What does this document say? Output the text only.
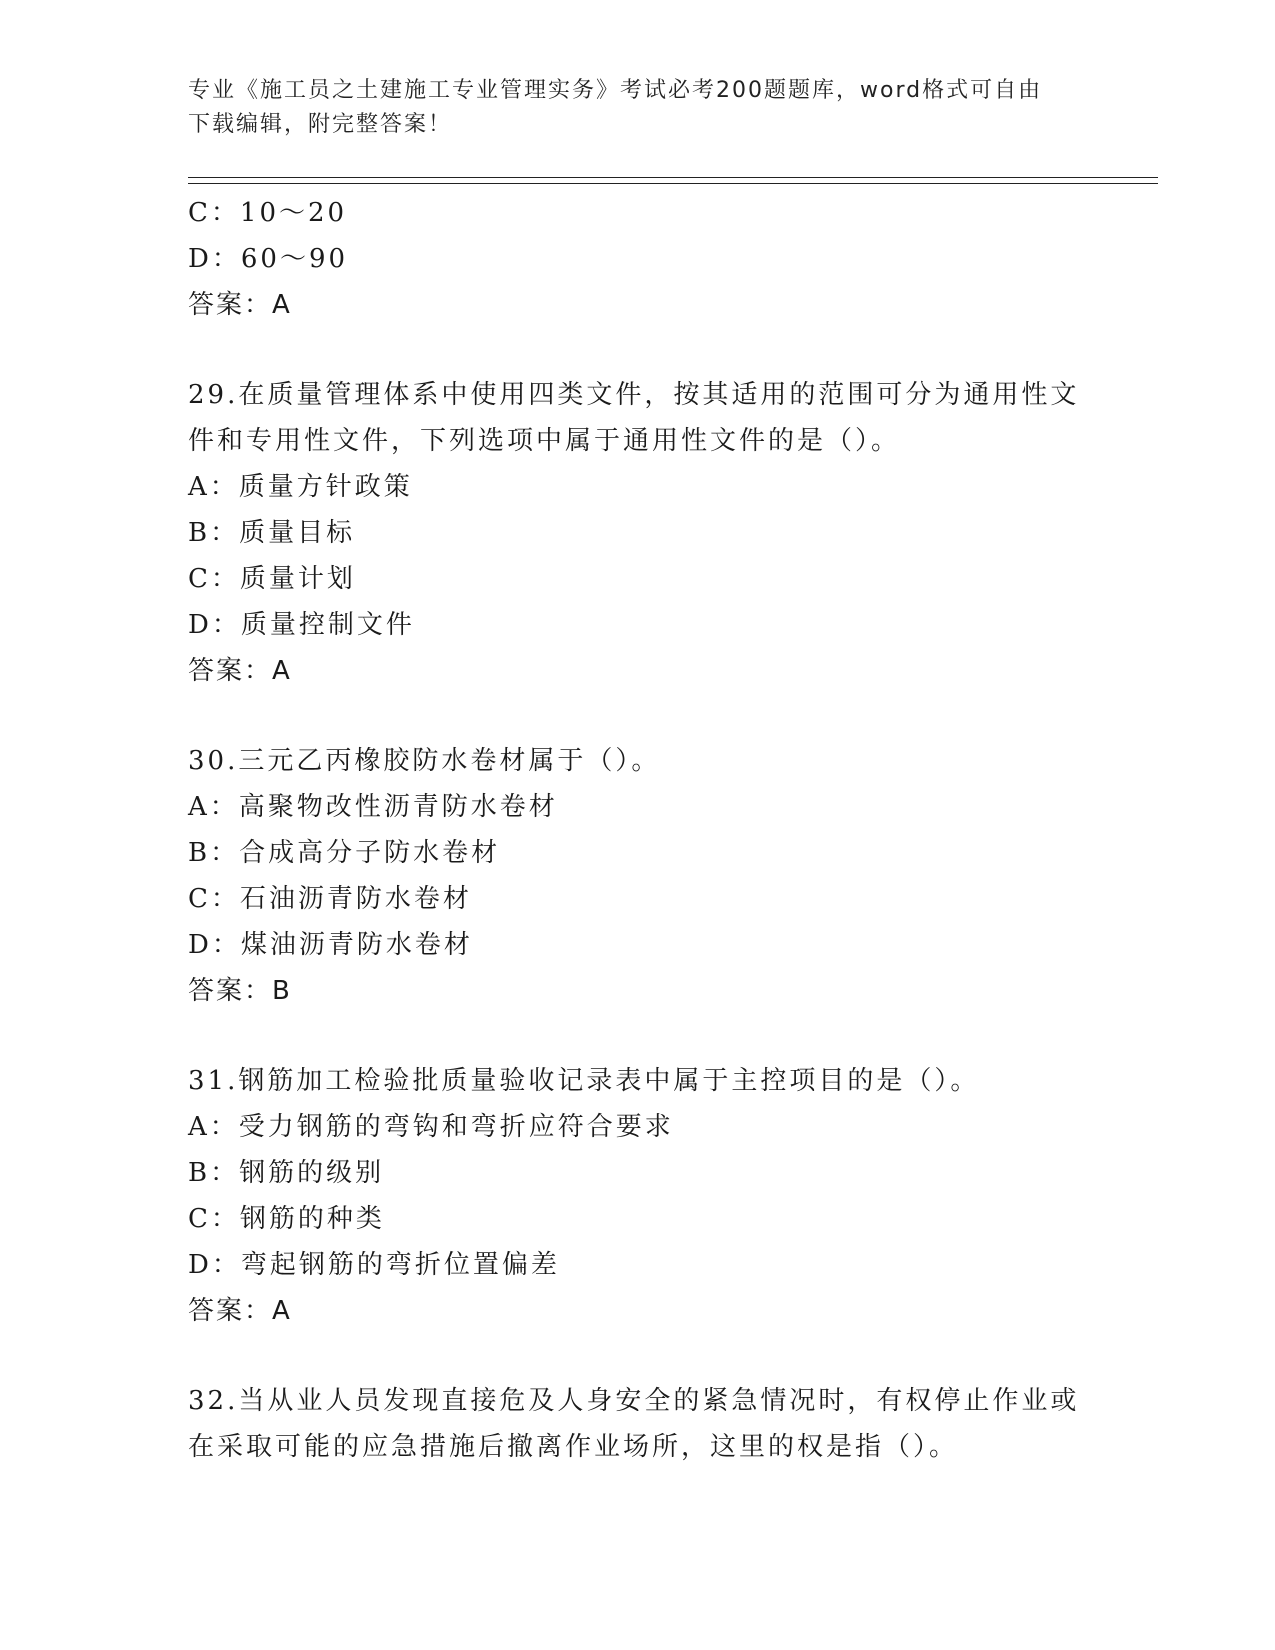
专业《施工员之土建施工专业管理实务》考试必考200题题库，word格式可自由
下载编辑，附完整答案！
C：10～20
D：60～90
答案：A
29.在质量管理体系中使用四类文件，按其适用的范围可分为通用性文
件和专用性文件，下列选项中属于通用性文件的是（）。
A：质量方针政策
B：质量目标
C：质量计划
D：质量控制文件
答案：A
30.三元乙丙橡胶防水卷材属于（）。
A：高聚物改性沥青防水卷材
B：合成高分子防水卷材
C：石油沥青防水卷材
D：煤油沥青防水卷材
答案：B
31.钢筋加工检验批质量验收记录表中属于主控项目的是（）。
A：受力钢筋的弯钩和弯折应符合要求
B：钢筋的级别
C：钢筋的种类
D：弯起钢筋的弯折位置偏差
答案：A
32.当从业人员发现直接危及人身安全的紧急情况时，有权停止作业或
在采取可能的应急措施后撤离作业场所，这里的权是指（）。
